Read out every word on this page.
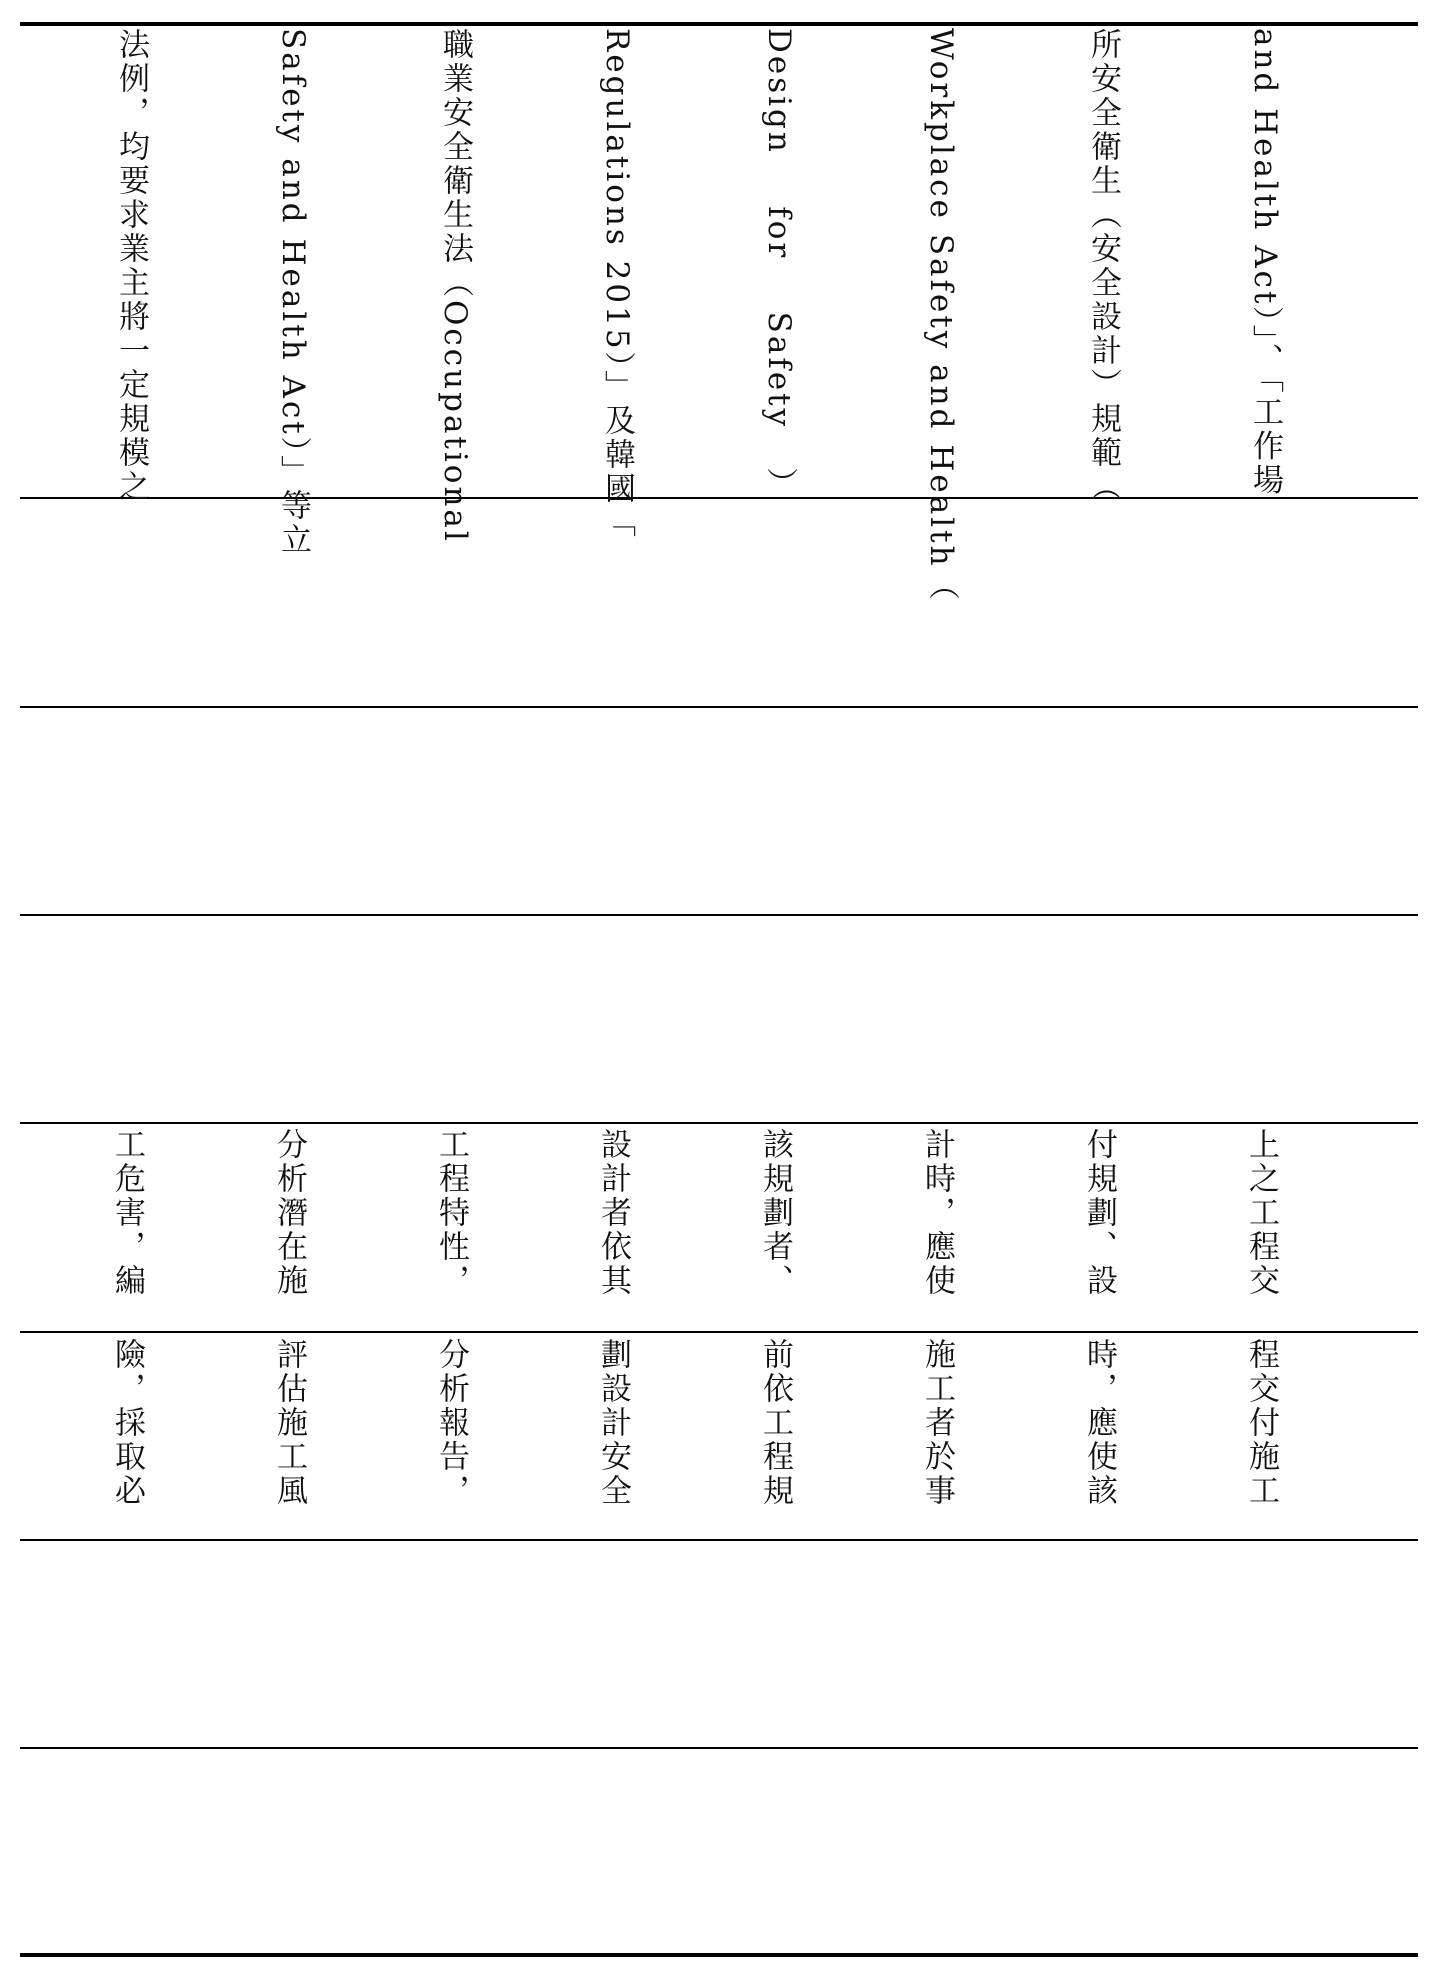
and Health Act）」、「工作場

所安全衛生（安全設計）規範（

Workplace Safety and Health（

Design    for    Safety   ）

Regulations 2015）」及韓國「

職業安全衛生法（Occupational

Safety and Health Act）」等立

法例，均要求業主將一定規模之

上之工程交

付規劃、設

計時，應使

該規劃者、

設計者依其

工程特性，

分析潛在施

工危害，編

程交付施工

時，應使該

施工者於事

前依工程規

劃設計安全

分析報告，

評估施工風

險，採取必
